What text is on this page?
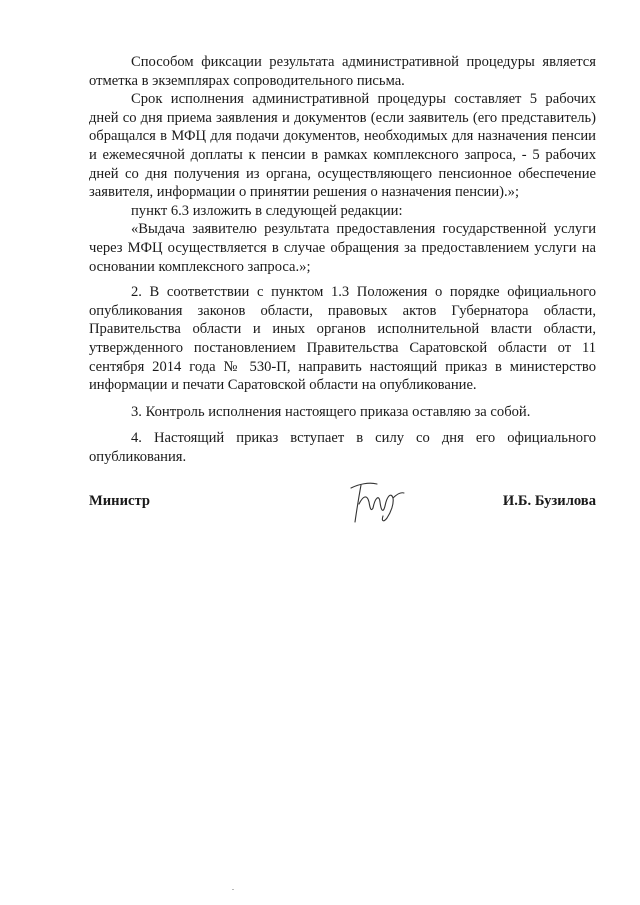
Способом фиксации результата административной процедуры является отметка в экземплярах сопроводительного письма.

Срок исполнения административной процедуры составляет 5 рабочих дней со дня приема заявления и документов (если заявитель (его представитель) обращался в МФЦ для подачи документов, необходимых для назначения пенсии и ежемесячной доплаты к пенсии в рамках комплексного запроса, - 5 рабочих дней со дня получения из органа, осуществляющего пенсионное обеспечение заявителя, информации о принятии решения о назначения пенсии).»;

пункт 6.3 изложить в следующей редакции:

«Выдача заявителю результата предоставления государственной услуги через МФЦ осуществляется в случае обращения за предоставлением услуги на основании комплексного запроса.»;

2. В соответствии с пунктом 1.3 Положения о порядке официального опубликования законов области, правовых актов Губернатора области, Правительства области и иных органов исполнительной власти области, утвержденного постановлением Правительства Саратовской области от 11 сентября 2014 года № 530-П, направить настоящий приказ в министерство информации и печати Саратовской области на опубликование.

3. Контроль исполнения настоящего приказа оставляю за собой.

4. Настоящий приказ вступает в силу со дня его официального опубликования.

Министр	И.Б. Бузилова
